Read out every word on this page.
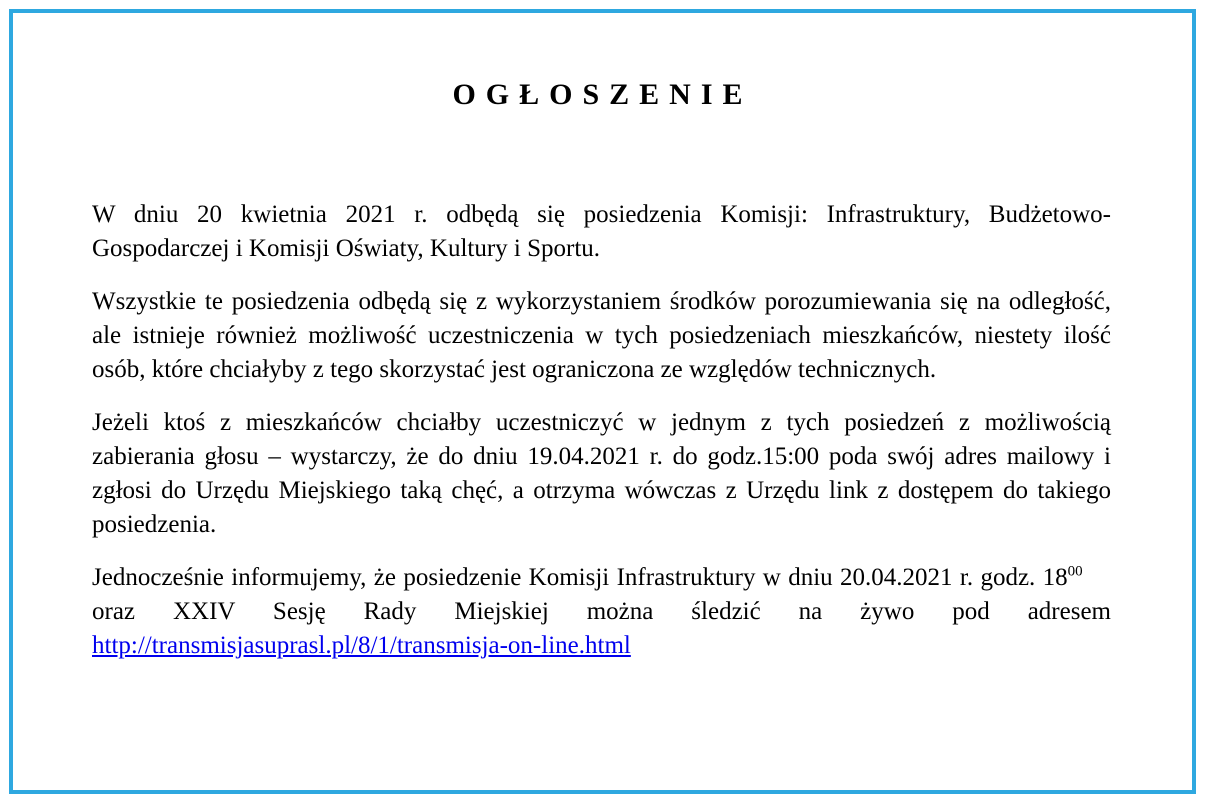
OGŁOSZENIE

W dniu 20 kwietnia 2021 r. odbędą się posiedzenia Komisji: Infrastruktury, Budżetowo-Gospodarczej i Komisji Oświaty, Kultury i Sportu.

Wszystkie te posiedzenia odbędą się z wykorzystaniem środków porozumiewania się na odległość, ale istnieje również możliwość uczestniczenia w tych posiedzeniach mieszkańców, niestety ilość osób, które chciałyby z tego skorzystać jest ograniczona ze względów technicznych.

Jeżeli ktoś z mieszkańców chciałby uczestniczyć w jednym z tych posiedzeń z możliwością zabierania głosu – wystarczy, że do dniu 19.04.2021 r. do godz.15:00 poda swój adres mailowy i zgłosi do Urzędu Miejskiego taką chęć, a otrzyma wówczas z Urzędu link z dostępem do takiego posiedzenia.

Jednocześnie informujemy, że posiedzenie Komisji Infrastruktury w dniu 20.04.2021 r. godz. $18^{00}$     oraz XXIV Sesję Rady Miejskiej można śledzić na żywo pod adresem http://transmisjasuprasl.pl/8/1/transmisja-on-line.html
